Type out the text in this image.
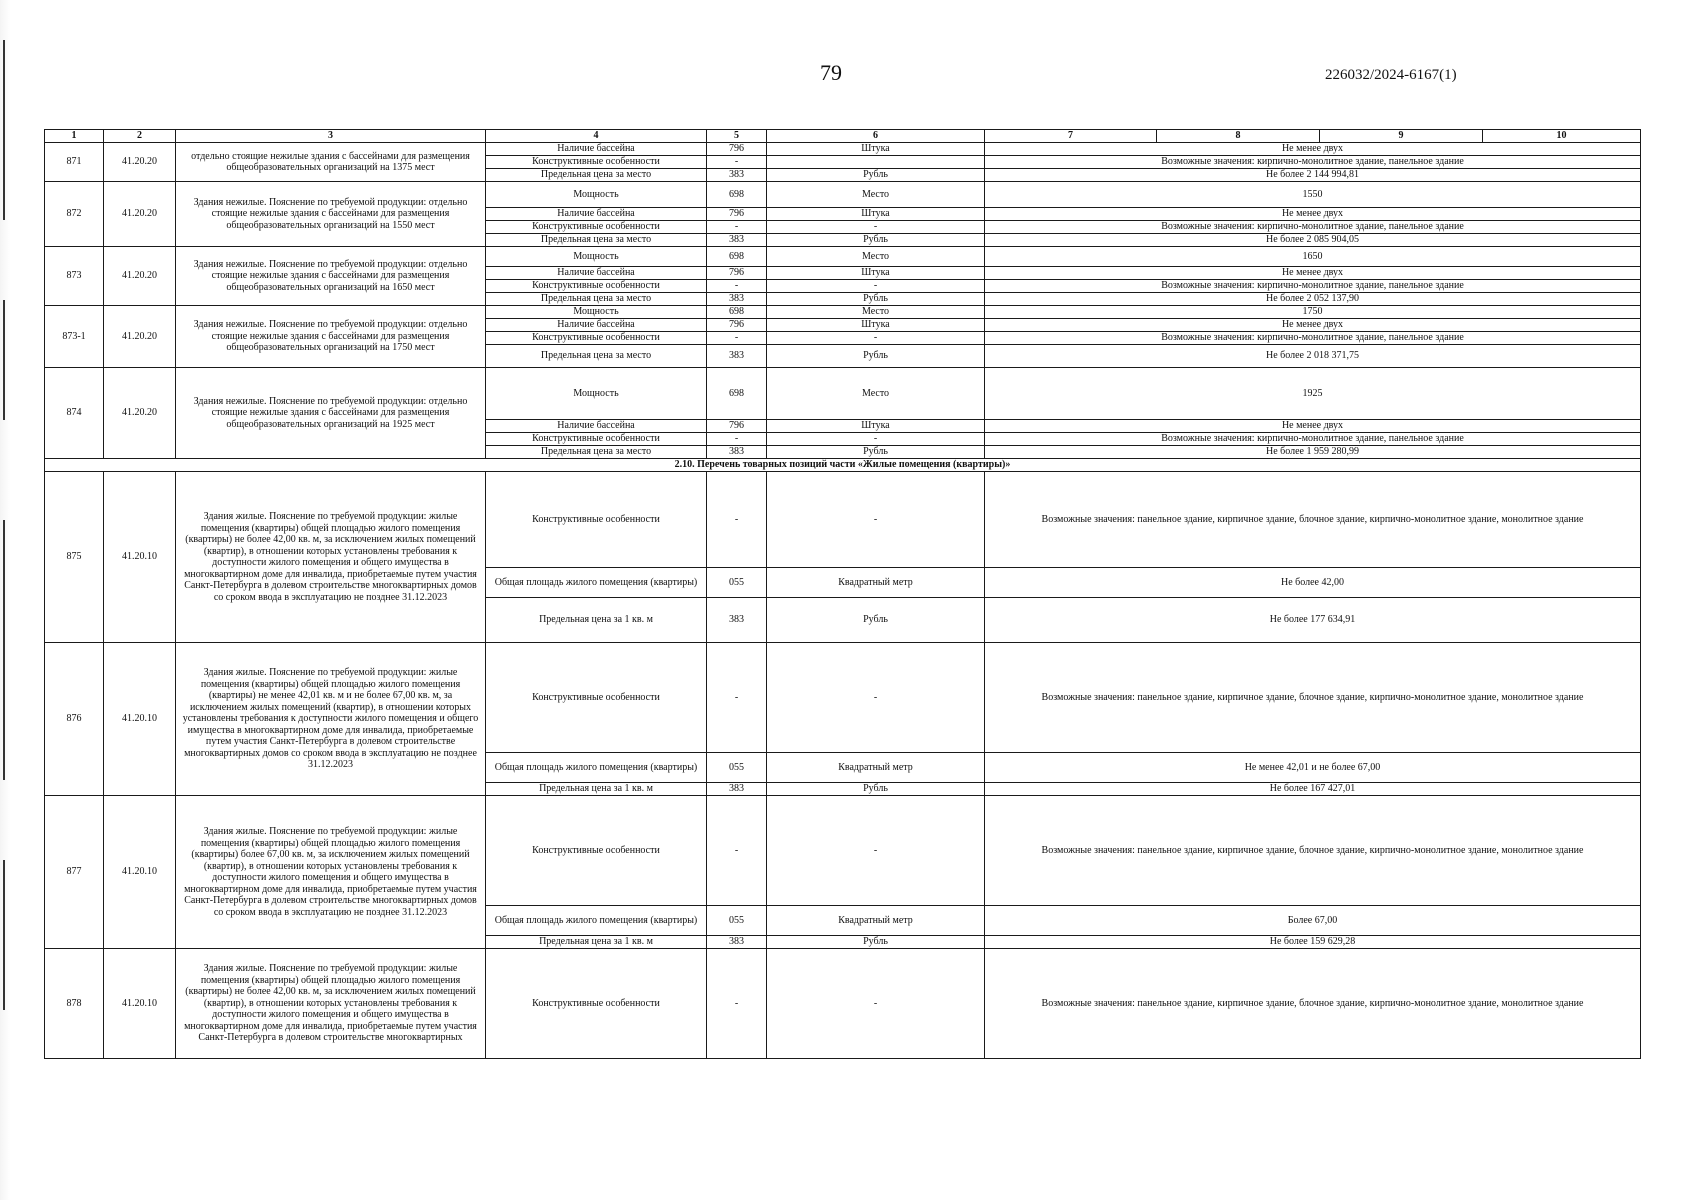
79	226032/2024-6167(1)
1	2	3	4	5	6	7	8	9	10
871	41.20.20	отдельно стоящие нежилые здания с бассейнами для размещения общеобразовательных организаций на 1375 мест	Наличие бассейна	796	Штука	Не менее двух			
			Конструктивные особенности	-		Возможные значения: кирпично-монолитное здание, панельное здание			
			Предельная цена за место	383	Рубль	Не более 2 144 994,81			
872	41.20.20	Здания нежилые. Пояснение по требуемой продукции: отдельно стоящие нежилые здания с бассейнами для размещения общеобразовательных организаций на 1550 мест	Мощность	698	Место	1550			
			Наличие бассейна	796	Штука	Не менее двух			
			Конструктивные особенности	-	-	Возможные значения: кирпично-монолитное здание, панельное здание			
			Предельная цена за место	383	Рубль	Не более 2 085 904,05			
873	41.20.20	Здания нежилые. Пояснение по требуемой продукции: отдельно стоящие нежилые здания с бассейнами для размещения общеобразовательных организаций на 1650 мест	Мощность	698	Место	1650			
			Наличие бассейна	796	Штука	Не менее двух			
			Конструктивные особенности	-	-	Возможные значения: кирпично-монолитное здание, панельное здание			
			Предельная цена за место	383	Рубль	Не более 2 052 137,90			
873-1	41.20.20	Здания нежилые. Пояснение по требуемой продукции: отдельно стоящие нежилые здания с бассейнами для размещения общеобразовательных организаций на 1750 мест	Мощность	698	Место	1750			
			Наличие бассейна	796	Штука	Не менее двух			
			Конструктивные особенности	-	-	Возможные значения: кирпично-монолитное здание, панельное здание			
			Предельная цена за место	383	Рубль	Не более 2 018 371,75			
874	41.20.20	Здания нежилые. Пояснение по требуемой продукции: отдельно стоящие нежилые здания с бассейнами для размещения общеобразовательных организаций на 1925 мест	Мощность	698	Место	1925			
			Наличие бассейна	796	Штука	Не менее двух			
			Конструктивные особенности	-	-	Возможные значения: кирпично-монолитное здание, панельное здание			
			Предельная цена за место	383	Рубль	Не более 1 959 280,99			
2.10. Перечень товарных позиций части «Жилые помещения (квартиры)»									
875	41.20.10	Здания жилые. Пояснение по требуемой продукции: жилые помещения (квартиры) общей площадью жилого помещения (квартиры) не более 42,00 кв. м, за исключением жилых помещений (квартир), в отношении которых установлены требования к доступности жилого помещения и общего имущества в многоквартирном доме для инвалида, приобретаемые путем участия Санкт-Петербурга в долевом строительстве многоквартирных домов со сроком ввода в эксплуатацию не позднее 31.12.2023	Конструктивные особенности	-	-	Возможные значения: панельное здание, кирпичное здание, блочное здание, кирпично-монолитное здание, монолитное здание			
			Общая площадь жилого помещения (квартиры)	055	Квадратный метр	Не более 42,00			
			Предельная цена за 1 кв. м	383	Рубль	Не более 177 634,91			
876	41.20.10	Здания жилые. Пояснение по требуемой продукции: жилые помещения (квартиры) общей площадью жилого помещения (квартиры) не менее 42,01 кв. м и не более 67,00 кв. м, за исключением жилых помещений (квартир), в отношении которых установлены требования к доступности жилого помещения и общего имущества в многоквартирном доме для инвалида, приобретаемые путем участия Санкт-Петербурга в долевом строительстве многоквартирных домов со сроком ввода в эксплуатацию не позднее 31.12.2023	Конструктивные особенности	-	-	Возможные значения: панельное здание, кирпичное здание, блочное здание, кирпично-монолитное здание, монолитное здание			
			Общая площадь жилого помещения (квартиры)	055	Квадратный метр	Не менее 42,01 и не более 67,00			
			Предельная цена за 1 кв. м	383	Рубль	Не более 167 427,01			
877	41.20.10	Здания жилые. Пояснение по требуемой продукции: жилые помещения (квартиры) общей площадью жилого помещения (квартиры) более 67,00 кв. м, за исключением жилых помещений (квартир), в отношении которых установлены требования к доступности жилого помещения и общего имущества в многоквартирном доме для инвалида, приобретаемые путем участия Санкт-Петербурга в долевом строительстве многоквартирных домов со сроком ввода в эксплуатацию не позднее 31.12.2023	Конструктивные особенности	-	-	Возможные значения: панельное здание, кирпичное здание, блочное здание, кирпично-монолитное здание, монолитное здание			
			Общая площадь жилого помещения (квартиры)	055	Квадратный метр	Более 67,00			
			Предельная цена за 1 кв. м	383	Рубль	Не более 159 629,28			
878	41.20.10	Здания жилые. Пояснение по требуемой продукции: жилые помещения (квартиры) общей площадью жилого помещения (квартиры) не более 42,00 кв. м, за исключением жилых помещений (квартир), в отношении которых установлены требования к доступности жилого помещения и общего имущества в многоквартирном доме для инвалида, приобретаемые путем участия Санкт-Петербурга в долевом строительстве многоквартирных	Конструктивные особенности	-	-	Возможные значения: панельное здание, кирпичное здание, блочное здание, кирпично-монолитное здание, монолитное здание			
